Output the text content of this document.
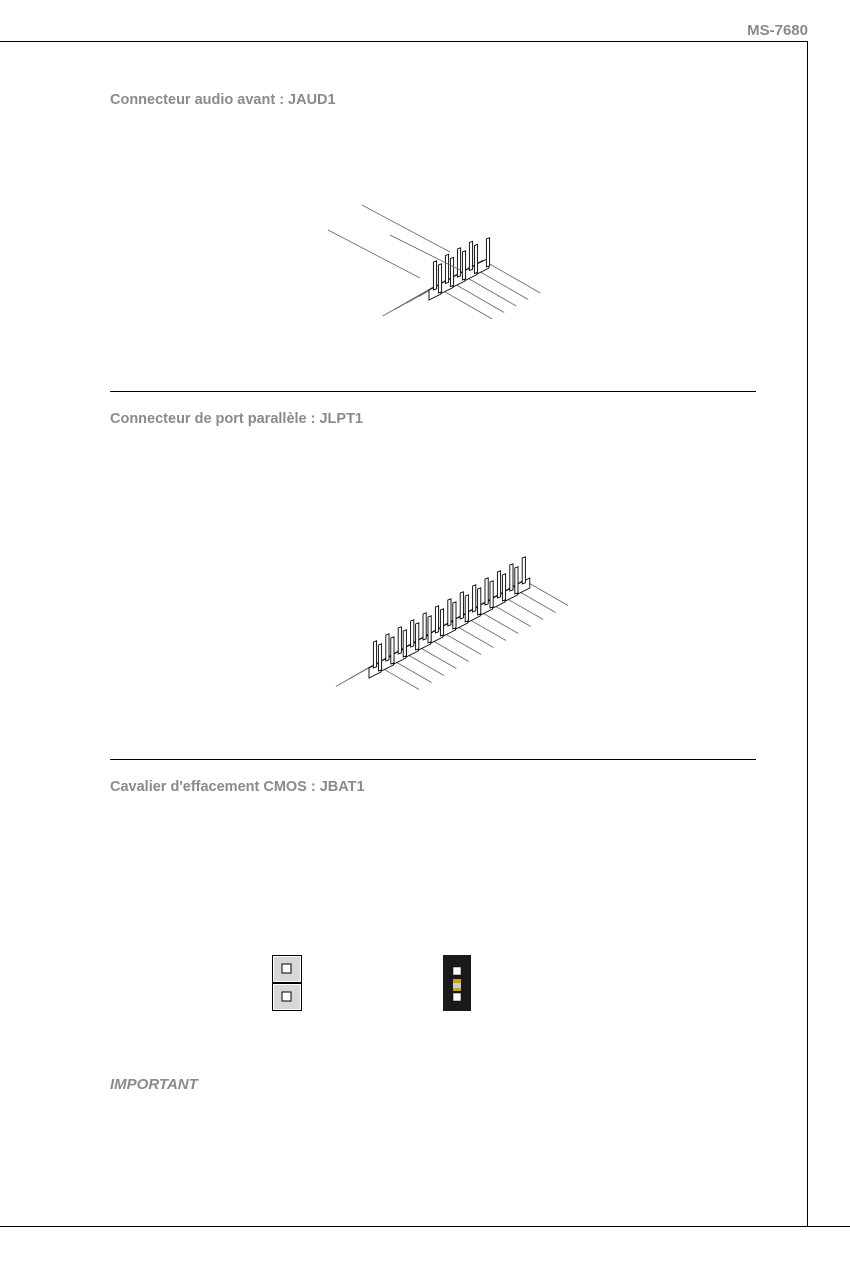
MS-7680
Connecteur audio avant : JAUD1
Connecteur de port parallèle : JLPT1
Cavalier d'effacement CMOS : JBAT1
IMPORTANT
